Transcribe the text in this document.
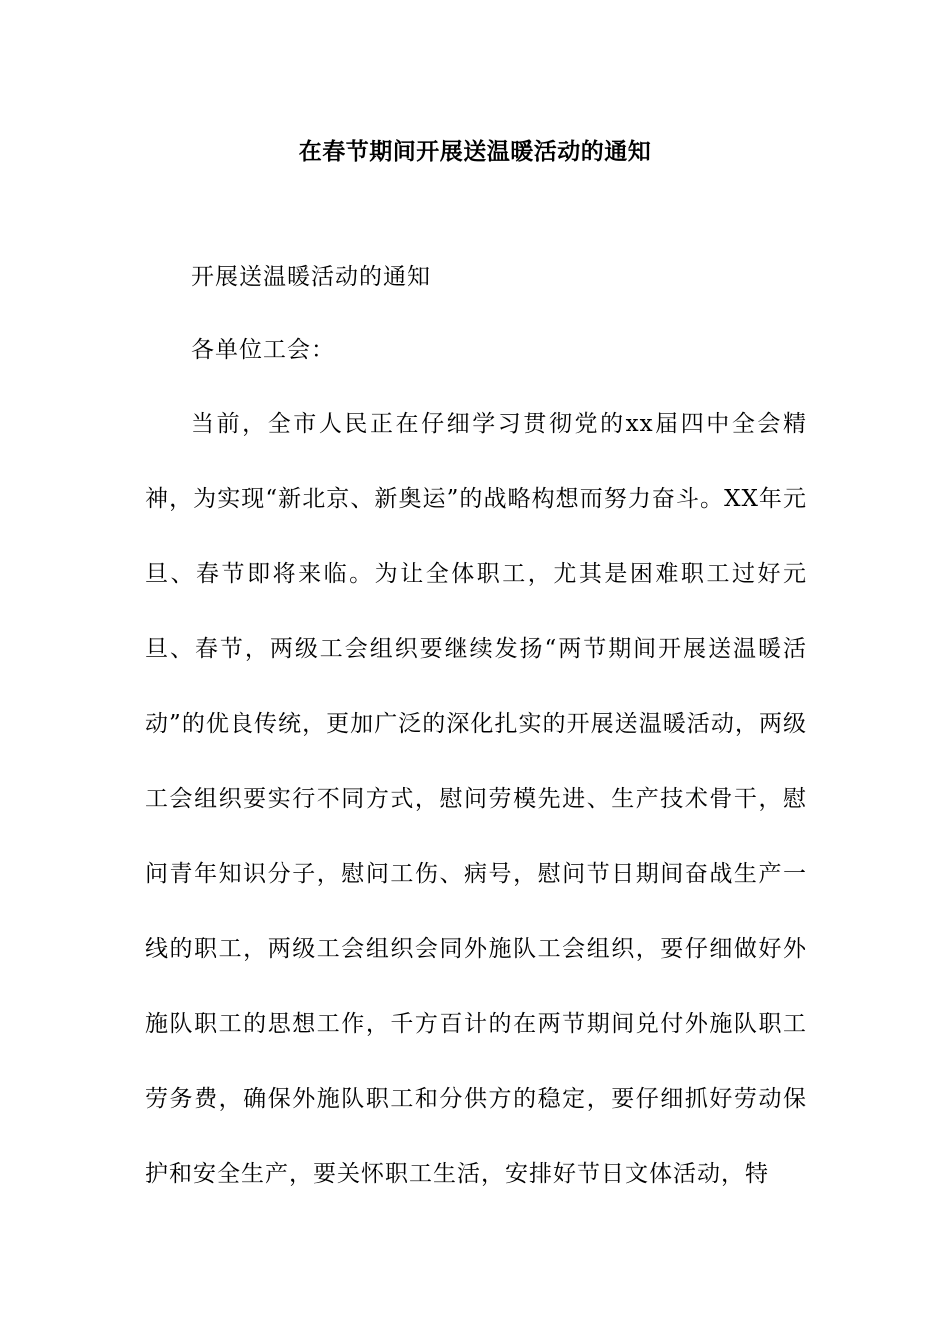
在春节期间开展送温暖活动的通知

开展送温暖活动的通知

各单位工会：

当前，全市人民正在仔细学习贯彻党的xx届四中全会精神，为实现“新北京、新奥运”的战略构想而努力奋斗。XX年元旦、春节即将来临。为让全体职工，尤其是困难职工过好元旦、春节，两级工会组织要继续发扬“两节期间开展送温暖活动”的优良传统，更加广泛的深化扎实的开展送温暖活动，两级工会组织要实行不同方式，慰问劳模先进、生产技术骨干，慰问青年知识分子，慰问工伤、病号，慰问节日期间奋战生产一线的职工，两级工会组织会同外施队工会组织，要仔细做好外施队职工的思想工作，千方百计的在两节期间兑付外施队职工劳务费，确保外施队职工和分供方的稳定，要仔细抓好劳动保护和安全生产，要关怀职工生活，安排好节日文体活动，特
